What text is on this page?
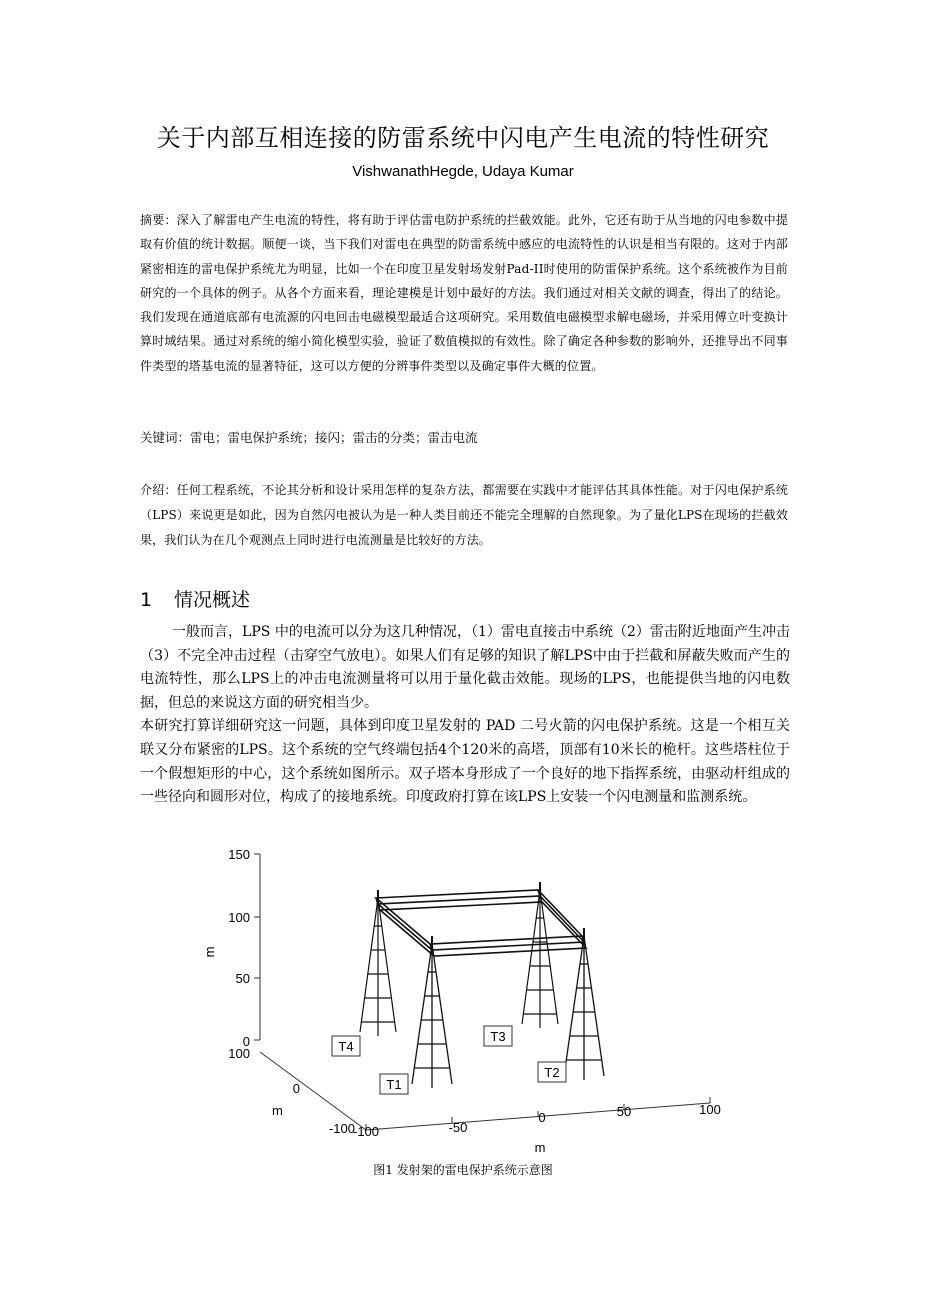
关于内部互相连接的防雷系统中闪电产生电流的特性研究
VishwanathHegde, Udaya Kumar
摘要：深入了解雷电产生电流的特性，将有助于评估雷电防护系统的拦截效能。此外，它还有助于从当地的闪电参数中提取有价值的统计数据。顺便一谈，当下我们对雷电在典型的防雷系统中感应的电流特性的认识是相当有限的。这对于内部紧密相连的雷电保护系统尤为明显，比如一个在印度卫星发射场发射Pad-II时使用的防雷保护系统。这个系统被作为目前研究的一个具体的例子。从各个方面来看，理论建模是计划中最好的方法。我们通过对相关文献的调查，得出了的结论。我们发现在通道底部有电流源的闪电回击电磁模型最适合这项研究。采用数值电磁模型求解电磁场，并采用傅立叶变换计算时域结果。通过对系统的缩小简化模型实验，验证了数值模拟的有效性。除了确定各种参数的影响外，还推导出不同事件类型的塔基电流的显著特征，这可以方便的分辨事件类型以及确定事件大概的位置。
关键词：雷电；雷电保护系统；接闪；雷击的分类；雷击电流
介绍：任何工程系统，不论其分析和设计采用怎样的复杂方法，都需要在实践中才能评估其具体性能。对于闪电保护系统（LPS）来说更是如此，因为自然闪电被认为是一种人类目前还不能完全理解的自然现象。为了量化LPS在现场的拦截效果，我们认为在几个观测点上同时进行电流测量是比较好的方法。
1 情况概述

一般而言，LPS 中的电流可以分为这几种情况，（1）雷电直接击中系统（2）雷击附近地面产生冲击（3）不完全冲击过程（击穿空气放电）。如果人们有足够的知识了解LPS中由于拦截和屏蔽失败而产生的电流特性，那么LPS上的冲击电流测量将可以用于量化截击效能。现场的LPS，也能提供当地的闪电数据，但总的来说这方面的研究相当少。

本研究打算详细研究这一问题，具体到印度卫星发射的 PAD 二号火箭的闪电保护系统。这是一个相互关联又分布紧密的LPS。这个系统的空气终端包括4个120米的高塔，顶部有10米长的桅杆。这些塔柱位于一个假想矩形的中心，这个系统如图所示。双子塔本身形成了一个良好的地下指挥系统，由驱动杆组成的一些径向和圆形对位，构成了的接地系统。印度政府打算在该LPS上安装一个闪电测量和监测系统。

150
100
50
0
m
100
0
-100
m
-100	-50
0	50	100
m
T4
T3
T1
T2
图1 发射架的雷电保护系统示意图
